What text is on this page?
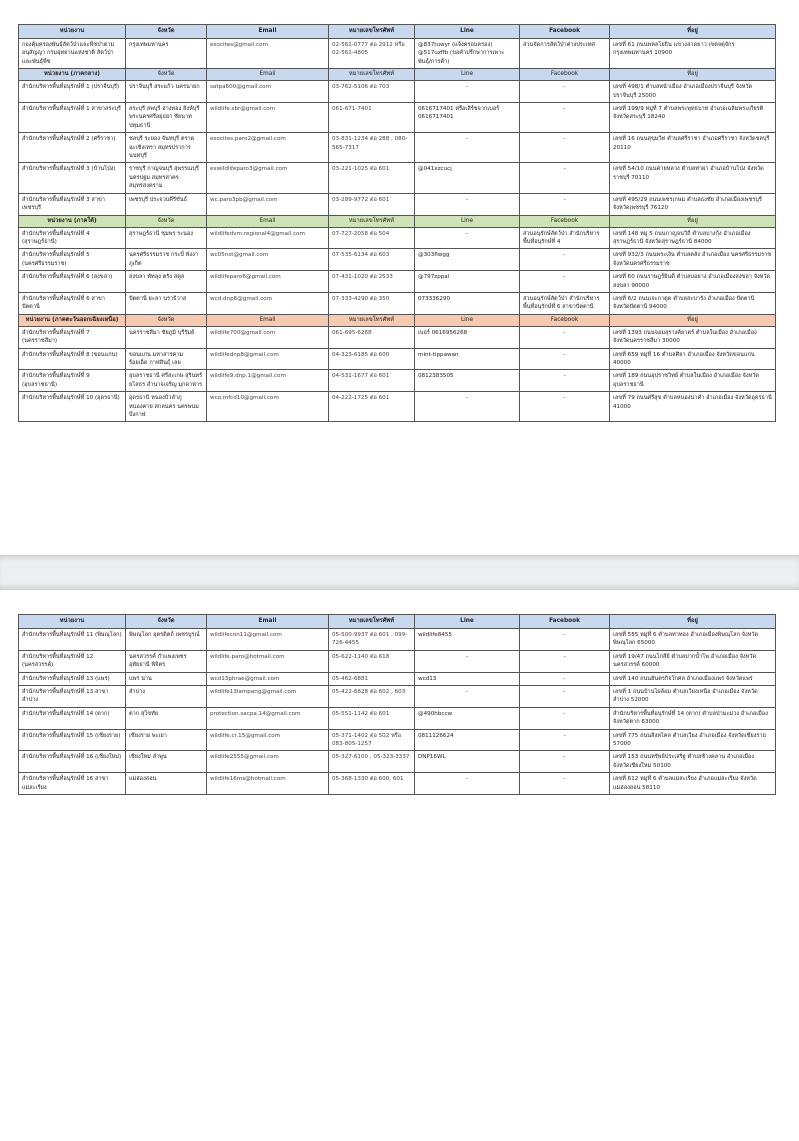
หน่วยงาน	จังหวัด	Email	หมายเลขโทรศัพท์	Line	Facebook	ที่อยู่
กองคุ้มครองพันธุ์สัตว์ป่าและพืชป่าตามอนุสัญญา กรมอุทยานแห่งชาติ สัตว์ป่า และพันธุ์พืช	กรุงเทพมหานคร	exocites@gmail.com	02-561-0777 ต่อ 2912 หรือ 02-561-4805	@837tuwyr (แจ้งครอบครอง) @517uzffb (ขอคำปรึกษาการเพาะพันธุ์/การค้า)	ส่วนจัดการสัตว์ป่าต่างประเทศ	เลขที่ 61 ถนนพหลโยธิน แขวงลาดยาว เขตจตุจักร กรุงเทพมหานคร 10900
หน่วยงาน (ภาคกลาง)	จังหวัด	Email	หมายเลขโทรศัพท์	Line	Facebook	ที่อยู่
สำนักบริหารพื้นที่อนุรักษ์ที่ 1 (ปราจีนบุรี)	ปราจีนบุรี สระแก้ว นครนายก	satpa600@gmail.com	03-762-5106 ต่อ 703	-	-	เลขที่ 498/1 ตำบลหน้าเมือง อำเภอเมืองปราจีนบุรี จังหวัดปราจีนบุรี 25000
สำนักบริหารพื้นที่อนุรักษ์ที่ 1 สาขาสระบุรี	สระบุรี ลพบุรี อ่างทอง สิงห์บุรี พระนครศรีอยุธยา ชัยนาท ปทุมธานี	wildlife.sbr@gmail.com	061-671-7401	0616717401 หรือเสิร์ชจากเบอร์ 0616717401	-	เลขที่ 199/9 หมู่ที่ 7 ตำบลพระพุทธบาท อำเภอเฉลิมพระเกียรติ จังหวัดสระบุรี 18240
สำนักบริหารพื้นที่อนุรักษ์ที่ 2 (ศรีราชา)	ชลบุรี ระยอง จันทบุรี ตราด ฉะเชิงเทรา สมุทรปราการ นนทบุรี	exocites.paro2@gmail.com	03-831-1234 ต่อ 288 , 080-565-7317	-	-	เลขที่ 16 ถนนสุขุมวิท ตำบลศรีราชา อำเภอศรีราชา จังหวัดชลบุรี 20110
สำนักบริหารพื้นที่อนุรักษ์ที่ 3 (บ้านโป่ง)	ราชบุรี กาญจนบุรี สุพรรณบุรี นครปฐม สมุทรสาคร สมุทรสงคราม	exwildlifeparo3@gmail.com	03-221-1025 ต่อ 601	@041xzcucj	-	เลขที่ 54/10 ถนนค่ายหลวง ตำบลท่าผา อำเภอบ้านโป่ง จังหวัดราชบุรี 70110
สำนักบริหารพื้นที่อนุรักษ์ที่ 3 สาขาเพชรบุรี	เพชรบุรี ประจวบคีรีขันธ์	wc.paro3pb@gmail.com	03-289-9772 ต่อ 601	-	-	เลขที่ 495/29 ถนนเพชรเกษม ตำบลธงชัย อำเภอเมืองเพชรบุรี จังหวัดเพชรบุรี 76120
หน่วยงาน (ภาคใต้)	จังหวัด	Email	หมายเลขโทรศัพท์	Line	Facebook	ที่อยู่
สำนักบริหารพื้นที่อนุรักษ์ที่ 4 (สุราษฎร์ธานี)	สุราษฎร์ธานี ชุมพร ระนอง	wildlifedvm.regional4@gmail.com	07-727-2058 ต่อ 504	-	ส่วนอนุรักษ์สัตว์ป่า สำนักบริหารพื้นที่อนุรักษ์ที่ 4	เลขที่ 148 หมู่ 5 ถนนกาญจนวิถี ตำบลบางกุ้ง อำเภอเมืองสุราษฎร์ธานี จังหวัดสุราษฎร์ธานี 84000
สำนักบริหารพื้นที่อนุรักษ์ที่ 5 (นครศรีธรรมราช)	นครศรีธรรมราช กระบี่ พังงา ภูเก็ต	wc05nst@gmail.com	07-535-6134 ต่อ 603	@303flwgg	-	เลขที่ 932/3 ถนนพระเงิน ตำบลคลัง อำเภอเมือง นครศรีธรรมราช จังหวัดนครศรีธรรมราช
สำนักบริหารพื้นที่อนุรักษ์ที่ 6 (สงขลา)	สงขลา พัทลุง ตรัง สตูล	wildlifeparo6@gmail.com	07-431-1020 ต่อ 2533	@797zppal	-	เลขที่ 60 ถนนราษฎร์ยินดี ตำบลบ่อยาง อำเภอเมืองสงขลา จังหวัดสงขลา 90000
สำนักบริหารพื้นที่อนุรักษ์ที่ 6 สาขาปัตตานี	ปัตตานี ยะลา นราธิวาส	wcd.dnp6@gmail.com	07-333-4290 ต่อ 350	073336290	ส่วนอนุรักษ์สัตว์ป่า สำนักบริหารพื้นที่อนุรักษ์ที่ 6 สาขาปัตตานี	เลขที่ 6/2 ถนนเจะกาตูด ตำบลสะบารัง อำเภอเมือง ปัตตานี จังหวัดปัตตานี 94000
หน่วยงาน (ภาคตะวันออกเฉียงเหนือ)	จังหวัด	Email	หมายเลขโทรศัพท์	Line	Facebook	ที่อยู่
สำนักบริหารพื้นที่อนุรักษ์ที่ 7 (นครราชสีมา)	นครราชสีมา ชัยภูมิ บุรีรัมย์	wildlife700@gmail.com	061-695-6268	เบอร์ 0616956268	-	เลขที่ 1393 ถนนจอมสุรางค์ยาตร์ ตำบลในเมือง อำเภอเมือง จังหวัดนครราชสีมา 30000
สำนักบริหารพื้นที่อนุรักษ์ที่ 8 (ขอนแก่น)	ขอนแก่น มหาสารคาม ร้อยเอ็ด กาฬสินธุ์ เลย	wildlifednp8@gmail.com	04-323-6185 ต่อ 600	mint-tippawan	-	เลขที่ 659 หมู่ที่ 16 ตำบลศิลา อำเภอเมือง จังหวัดขอนแก่น 40000
สำนักบริหารพื้นที่อนุรักษ์ที่ 9 (อุบลราชธานี)	อุบลราชธานี ศรีสะเกษ สุรินทร์ ยโสธร อำนาจเจริญ มุกดาหาร	wildlife9.dnp.1@gmail.com	04-531-1677 ต่อ 601	0812383505	-	เลขที่ 189 ถนนอุปราชวิทย์ ตำบลในเมือง อำเภอเมือง จังหวัดอุบลราชธานี
สำนักบริหารพื้นที่อนุรักษ์ที่ 10 (อุดรธานี)	อุดรธานี หนองบัวลำภู หนองคาย สกลนคร นครพนม บึงกาฬ	wco.mfcd10@gmail.com	04-222-1725 ต่อ 601	-	-	เลขที่ 79 ถนนศรีสุข ตำบลหนองนาคำ อำเภอเมือง จังหวัดอุดรธานี 41000
หน่วยงาน	จังหวัด	Email	หมายเลขโทรศัพท์	Line	Facebook	ที่อยู่
สำนักบริหารพื้นที่อนุรักษ์ที่ 11 (พิษณุโลก)	พิษณุโลก อุตรดิตถ์ เพชรบูรณ์	wildlifecon11@gmail.com	05-500-9937 ต่อ 601 , 099-726-4455	wildlife8455	-	เลขที่ 555 หมู่ที่ 6 ตำบลท่าทอง อำเภอเมืองพิษณุโลก จังหวัดพิษณุโลก 65000
สำนักบริหารพื้นที่อนุรักษ์ที่ 12 (นครสวรรค์)	นครสวรรค์ กำแพงเพชร อุทัยธานี พิจิตร	wildlife.paro@hotmail.com	05-622-1140 ต่อ 618	-	-	เลขที่ 19/47 ถนนโกสีย์ ตำบลปากน้ำโพ อำเภอเมือง จังหวัดนครสวรรค์ 60000
สำนักบริหารพื้นที่อนุรักษ์ที่ 13 (แพร่)	แพร่ น่าน	wcd13phrae@gmail.com	05-462-6881	wcd13	-	เลขที่ 140 ถนนยันตรกิจโกศล อำเภอเมืองแพร่ จังหวัดแพร่
สำนักบริหารพื้นที่อนุรักษ์ที่ 13 สาขาลำปาง	ลำปาง	wildlife13lampang@gmail.com	05-422-6828 ต่อ 602 , 603	-	-	เลขที่ 1 ถนนบ้านไผ่ล้อม ตำบลเวียงเหนือ อำเภอเมือง จังหวัดลำปาง 52000
สำนักบริหารพื้นที่อนุรักษ์ที่ 14 (ตาก)	ตาก สุโขทัย	protection.sacpa.14@gmail.com	05-551-1142 ต่อ 601	@490hbccw	-	สำนักบริหารพื้นที่อนุรักษ์ที่ 14 (ตาก) ตำบลป่ามะม่วง อำเภอเมือง จังหวัดตาก 63000
สำนักบริหารพื้นที่อนุรักษ์ที่ 15 (เชียงราย)	เชียงราย พะเยา	wildlife.cr.15@gmail.com	05-371-1402 ต่อ 502 หรือ 083-805-1257	0811126624	-	เลขที่ 775 ถนนสิงหไคล ตำบลเวียง อำเภอเมือง จังหวัดเชียงราย 57000
สำนักบริหารพื้นที่อนุรักษ์ที่ 16 (เชียงใหม่)	เชียงใหม่ ลำพูน	wildlife2555@gmail.com	05-327-6100 , 05-323-3337	DNP16WL	-	เลขที่ 153 ถนนทรัพย์ประเสริฐ ตำบลช้างคลาน อำเภอเมือง จังหวัดเชียงใหม่ 50100
สำนักบริหารพื้นที่อนุรักษ์ที่ 16 สาขาแม่สะเรียง	แม่ฮ่องสอน	wildlife16ms@hotmail.com	05-368-1330 ต่อ 600, 601	-	-	เลขที่ 612 หมู่ที่ 6 ตำบลแม่สะเรียง อำเภอแม่สะเรียง จังหวัดแม่ฮ่องสอน 58110
